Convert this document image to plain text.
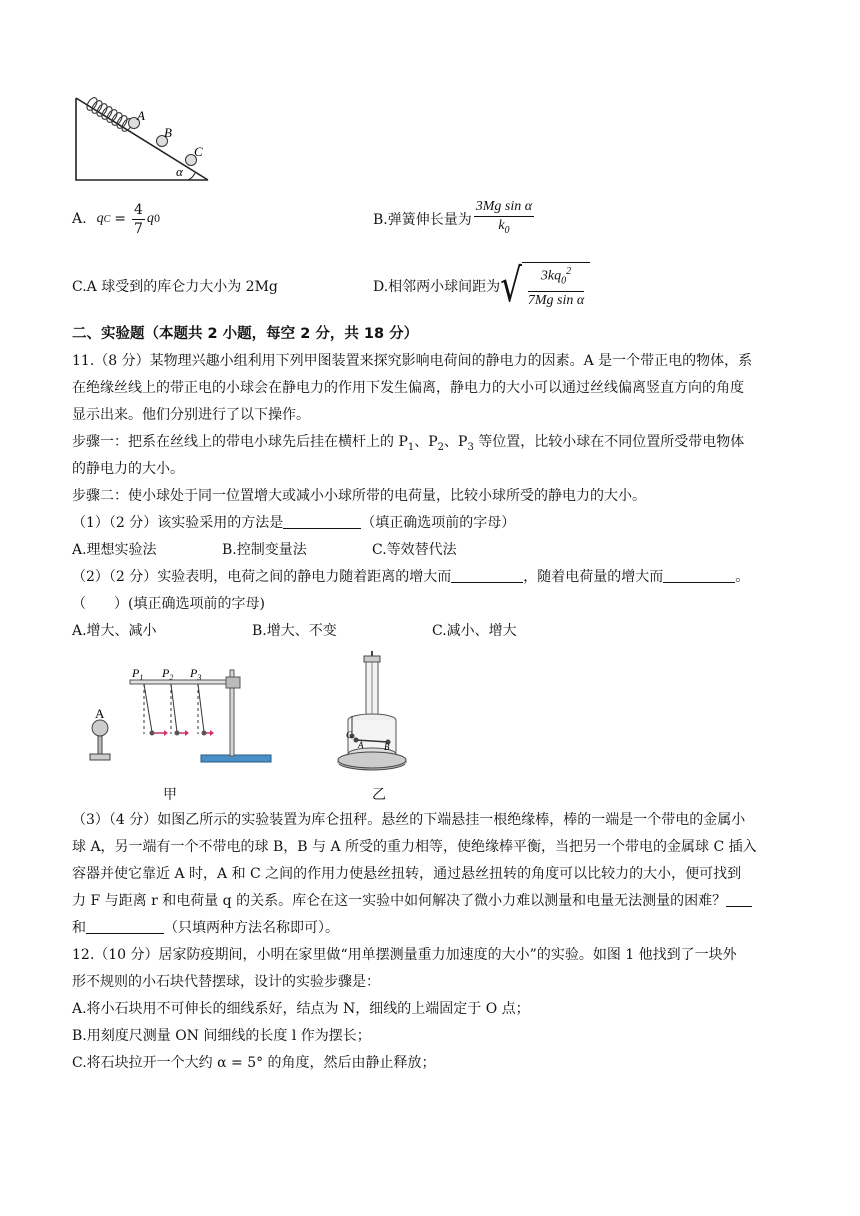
A
B
C
α
A. q $C = \frac{4}{7}$ q 0	B.弹簧伸长量为 $\frac{\text{3Mg sin α}}{k_0}$
C.A 球受到的库仑力大小为 2Mg	D.相邻两小球间距为 √ $\frac{3kq_0^2}{\text{7Mg sin α}}$
二、实验题（本题共 2 小题，每空 2 分，共 18 分）
11.（8 分）某物理兴趣小组利用下列甲图装置来探究影响电荷间的静电力的因素。A 是一个带正电的物体，系
在绝缘丝线上的带正电的小球会在静电力的作用下发生偏离，静电力的大小可以通过丝线偏离竖直方向的角度
显示出来。他们分别进行了以下操作。
步骤一：把系在丝线上的带电小球先后挂在横杆上的 $P_1$、$P_2$、$P_3$ 等位置，比较小球在不同位置所受带电物体
的静电力的大小。
步骤二：使小球处于同一位置增大或减小小球所带的电荷量，比较小球所受的静电力的大小。
（1）（2 分）该实验采用的方法是	（填正确选项前的字母）
A.理想实验法	B.控制变量法	C.等效替代法
（2）（2 分）实验表明，电荷之间的静电力随着距离的增大而	，随着电荷量的增大而	。
（　　）(填正确选项前的字母)
A.增大、减小	B.增大、不变	C.减小、增大
A
$P_1$ $P_2$ $P_3$
C
A B
甲	乙
（3）（4 分）如图乙所示的实验装置为库仑扭秤。悬丝的下端悬挂一根绝缘棒，棒的一端是一个带电的金属小
球 A，另一端有一个不带电的球 B，B 与 A 所受的重力相等，使绝缘棒平衡，当把另一个带电的金属球 C 插入
容器并使它靠近 A 时，A 和 C 之间的作用力使悬丝扭转，通过悬丝扭转的角度可以比较力的大小，便可找到
力 F 与距离 r 和电荷量 q 的关系。库仑在这一实验中如何解决了微小力难以测量和电量无法测量的困难？
和	（只填两种方法名称即可）。
12.（10 分）居家防疫期间，小明在家里做“用单摆测量重力加速度的大小”的实验。如图 1 他找到了一块外
形不规则的小石块代替摆球，设计的实验步骤是：
A.将小石块用不可伸长的细线系好，结点为 N，细线的上端固定于 O 点；
B.用刻度尺测量 ON 间细线的长度 l 作为摆长；
C.将石块拉开一个大约 α = 5° 的角度，然后由静止释放；
